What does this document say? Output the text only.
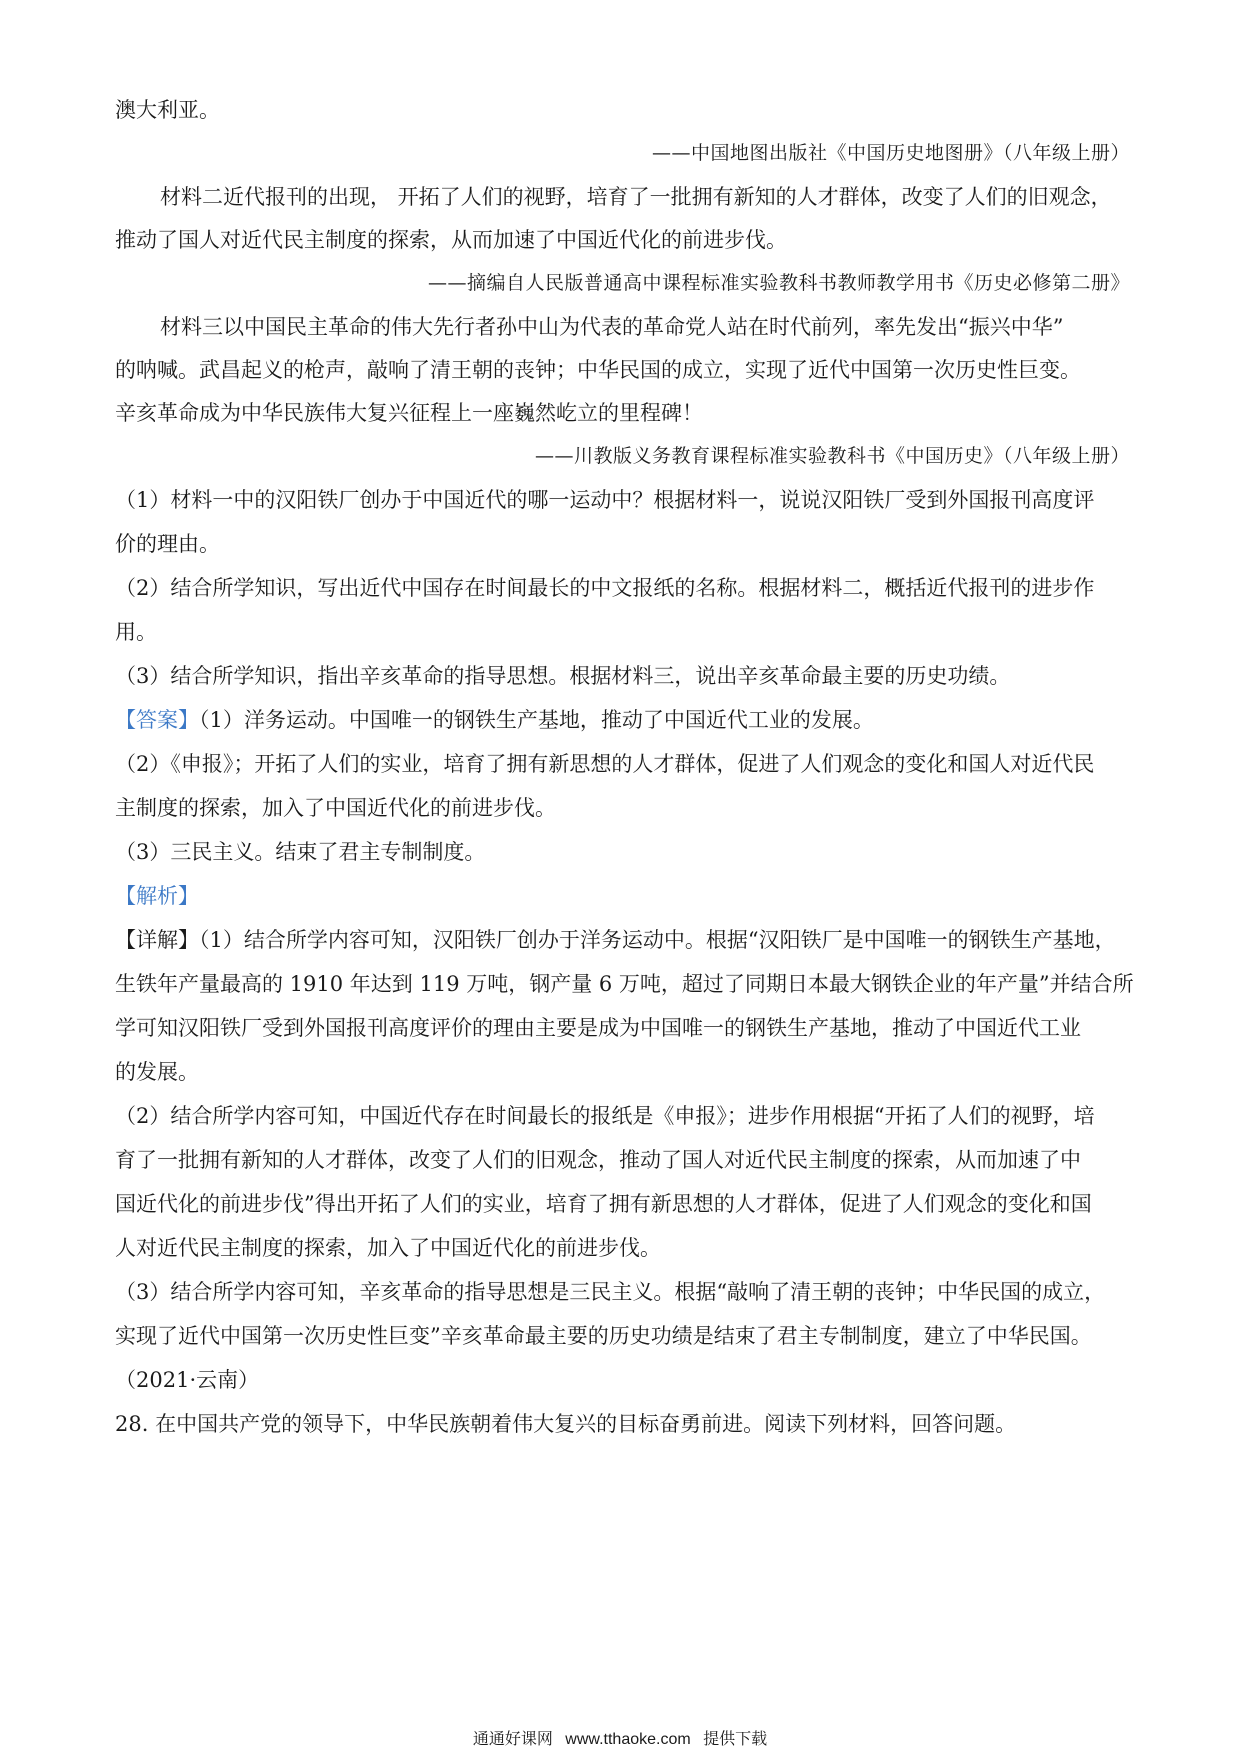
澳大利亚。
——中国地图出版社《中国历史地图册》（八年级上册）
材料二近代报刊的出现， 开拓了人们的视野，培育了一批拥有新知的人才群体，改变了人们的旧观念，
推动了国人对近代民主制度的探索，从而加速了中国近代化的前进步伐。
——摘编自人民版普通高中课程标准实验教科书教师教学用书《历史必修第二册》
材料三以中国民主革命的伟大先行者孙中山为代表的革命党人站在时代前列，率先发出“振兴中华”
的呐喊。武昌起义的枪声，敲响了清王朝的丧钟；中华民国的成立，实现了近代中国第一次历史性巨变。
辛亥革命成为中华民族伟大复兴征程上一座巍然屹立的里程碑！
——川教版义务教育课程标准实验教科书《中国历史》（八年级上册）
（1）材料一中的汉阳铁厂创办于中国近代的哪一运动中？根据材料一，说说汉阳铁厂受到外国报刊高度评
价的理由。
（2）结合所学知识，写出近代中国存在时间最长的中文报纸的名称。根据材料二，概括近代报刊的进步作
用。
（3）结合所学知识，指出辛亥革命的指导思想。根据材料三，说出辛亥革命最主要的历史功绩。
【答案】（1）洋务运动。中国唯一的钢铁生产基地，推动了中国近代工业的发展。
（2）《申报》；开拓了人们的实业，培育了拥有新思想的人才群体，促进了人们观念的变化和国人对近代民
主制度的探索，加入了中国近代化的前进步伐。
（3）三民主义。结束了君主专制制度。
【解析】
【详解】（1）结合所学内容可知，汉阳铁厂创办于洋务运动中。根据“汉阳铁厂是中国唯一的钢铁生产基地，
生铁年产量最高的 1910 年达到 119 万吨，钢产量 6 万吨，超过了同期日本最大钢铁企业的年产量”并结合所
学可知汉阳铁厂受到外国报刊高度评价的理由主要是成为中国唯一的钢铁生产基地，推动了中国近代工业
的发展。
（2）结合所学内容可知，中国近代存在时间最长的报纸是《申报》；进步作用根据“开拓了人们的视野，培
育了一批拥有新知的人才群体，改变了人们的旧观念，推动了国人对近代民主制度的探索，从而加速了中
国近代化的前进步伐”得出开拓了人们的实业，培育了拥有新思想的人才群体，促进了人们观念的变化和国
人对近代民主制度的探索，加入了中国近代化的前进步伐。
（3）结合所学内容可知，辛亥革命的指导思想是三民主义。根据“敲响了清王朝的丧钟；中华民国的成立，
实现了近代中国第一次历史性巨变”辛亥革命最主要的历史功绩是结束了君主专制制度，建立了中华民国。
（2021·云南）
28. 在中国共产党的领导下，中华民族朝着伟大复兴的目标奋勇前进。阅读下列材料，回答问题。
通通好课网 www.tthaoke.com 提供下载
